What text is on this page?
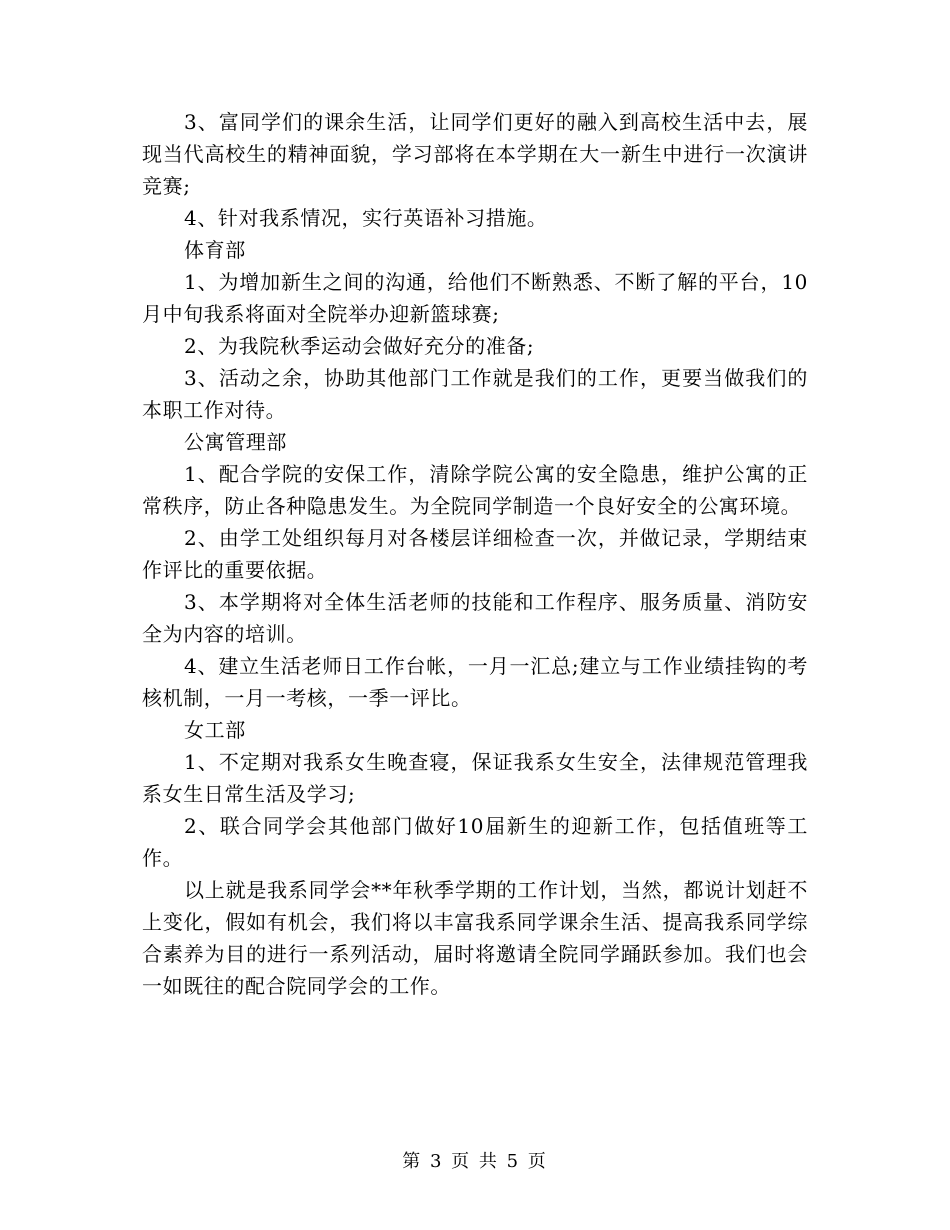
3、富同学们的课余生活，让同学们更好的融入到高校生活中去，展现当代高校生的精神面貌，学习部将在本学期在大一新生中进行一次演讲竞赛;

4、针对我系情况，实行英语补习措施。

体育部

1、为增加新生之间的沟通，给他们不断熟悉、不断了解的平台，10月中旬我系将面对全院举办迎新篮球赛;

2、为我院秋季运动会做好充分的准备;

3、活动之余，协助其他部门工作就是我们的工作，更要当做我们的本职工作对待。

公寓管理部

1、配合学院的安保工作，清除学院公寓的安全隐患，维护公寓的正常秩序，防止各种隐患发生。为全院同学制造一个良好安全的公寓环境。

2、由学工处组织每月对各楼层详细检查一次，并做记录，学期结束作评比的重要依据。

3、本学期将对全体生活老师的技能和工作程序、服务质量、消防安全为内容的培训。

4、建立生活老师日工作台帐，一月一汇总;建立与工作业绩挂钩的考核机制，一月一考核，一季一评比。

女工部

1、不定期对我系女生晚查寝，保证我系女生安全，法律规范管理我系女生日常生活及学习;

2、联合同学会其他部门做好10届新生的迎新工作，包括值班等工作。

以上就是我系同学会**年秋季学期的工作计划，当然，都说计划赶不上变化，假如有机会，我们将以丰富我系同学课余生活、提高我系同学综合素养为目的进行一系列活动，届时将邀请全院同学踊跃参加。我们也会一如既往的配合院同学会的工作。

第 3 页 共 5 页
